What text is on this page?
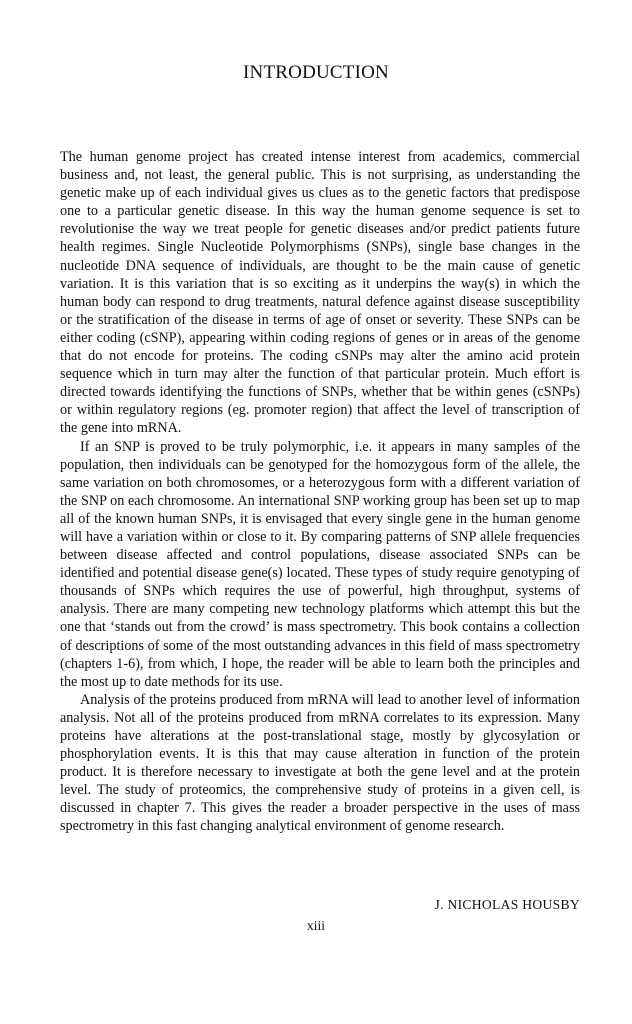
INTRODUCTION

The human genome project has created intense interest from academics, commercial business and, not least, the general public. This is not surprising, as understanding the genetic make up of each individual gives us clues as to the genetic factors that predispose one to a particular genetic disease. In this way the human genome sequence is set to revolutionise the way we treat people for genetic diseases and/or predict patients future health regimes. Single Nucleotide Polymorphisms (SNPs), single base changes in the nucleotide DNA sequence of individuals, are thought to be the main cause of genetic variation. It is this variation that is so exciting as it underpins the way(s) in which the human body can respond to drug treatments, natural defence against disease susceptibility or the stratification of the disease in terms of age of onset or severity. These SNPs can be either coding (cSNP), appearing within coding regions of genes or in areas of the genome that do not encode for proteins. The coding cSNPs may alter the amino acid protein sequence which in turn may alter the function of that particular protein. Much effort is directed towards identifying the functions of SNPs, whether that be within genes (cSNPs) or within regulatory regions (eg. promoter region) that affect the level of transcription of the gene into mRNA.

If an SNP is proved to be truly polymorphic, i.e. it appears in many samples of the population, then individuals can be genotyped for the homozygous form of the allele, the same variation on both chromosomes, or a heterozygous form with a different variation of the SNP on each chromosome. An international SNP working group has been set up to map all of the known human SNPs, it is envisaged that every single gene in the human genome will have a variation within or close to it. By comparing patterns of SNP allele frequencies between disease affected and control populations, disease associated SNPs can be identified and potential disease gene(s) located. These types of study require genotyping of thousands of SNPs which requires the use of powerful, high throughput, systems of analysis. There are many competing new technology platforms which attempt this but the one that ‘stands out from the crowd’ is mass spectrometry. This book contains a collection of descriptions of some of the most outstanding advances in this field of mass spectrometry (chapters 1-6), from which, I hope, the reader will be able to learn both the principles and the most up to date methods for its use.

Analysis of the proteins produced from mRNA will lead to another level of information analysis. Not all of the proteins produced from mRNA correlates to its expression. Many proteins have alterations at the post-translational stage, mostly by glycosylation or phosphorylation events. It is this that may cause alteration in function of the protein product. It is therefore necessary to investigate at both the gene level and at the protein level. The study of proteomics, the comprehensive study of proteins in a given cell, is discussed in chapter 7. This gives the reader a broader perspective in the uses of mass spectrometry in this fast changing analytical environment of genome research.

J. NICHOLAS HOUSBY

xiii
